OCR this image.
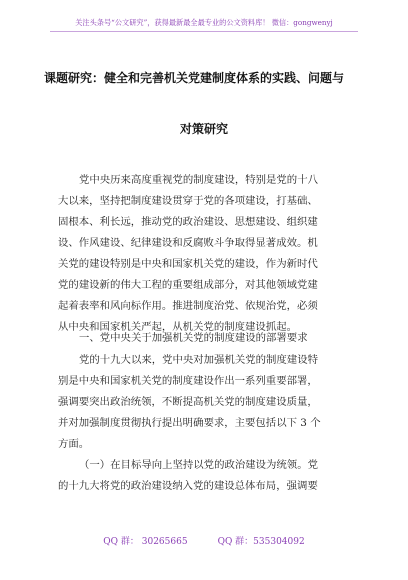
关注头条号“公文研究”，获得最新最全最专业的公文资料库！ 微信：gongwenyj
课题研究：健全和完善机关党建制度体系的实践、问题与
对策研究
党中央历来高度重视党的制度建设，特别是党的十八
大以来，坚持把制度建设贯穿于党的各项建设，打基础、
固根本、利长远，推动党的政治建设、思想建设、组织建
设、作风建设、纪律建设和反腐败斗争取得显著成效。机
关党的建设特别是中央和国家机关党的建设，作为新时代
党的建设新的伟大工程的重要组成部分，对其他领域党建
起着表率和风向标作用。推进制度治党、依规治党，必须
从中央和国家机关严起，从机关党的制度建设抓起。
一、党中央关于加强机关党的制度建设的部署要求
党的十九大以来，党中央对加强机关党的制度建设特
别是中央和国家机关党的制度建设作出一系列重要部署，
强调要突出政治统领，不断提高机关党的制度建设质量，
并对加强制度贯彻执行提出明确要求，主要包括以下 3 个
方面。
（一）在目标导向上坚持以党的政治建设为统领。党
的十九大将党的政治建设纳入党的建设总体布局，强调要
QQ 群： 30265665	QQ 群：535304092
